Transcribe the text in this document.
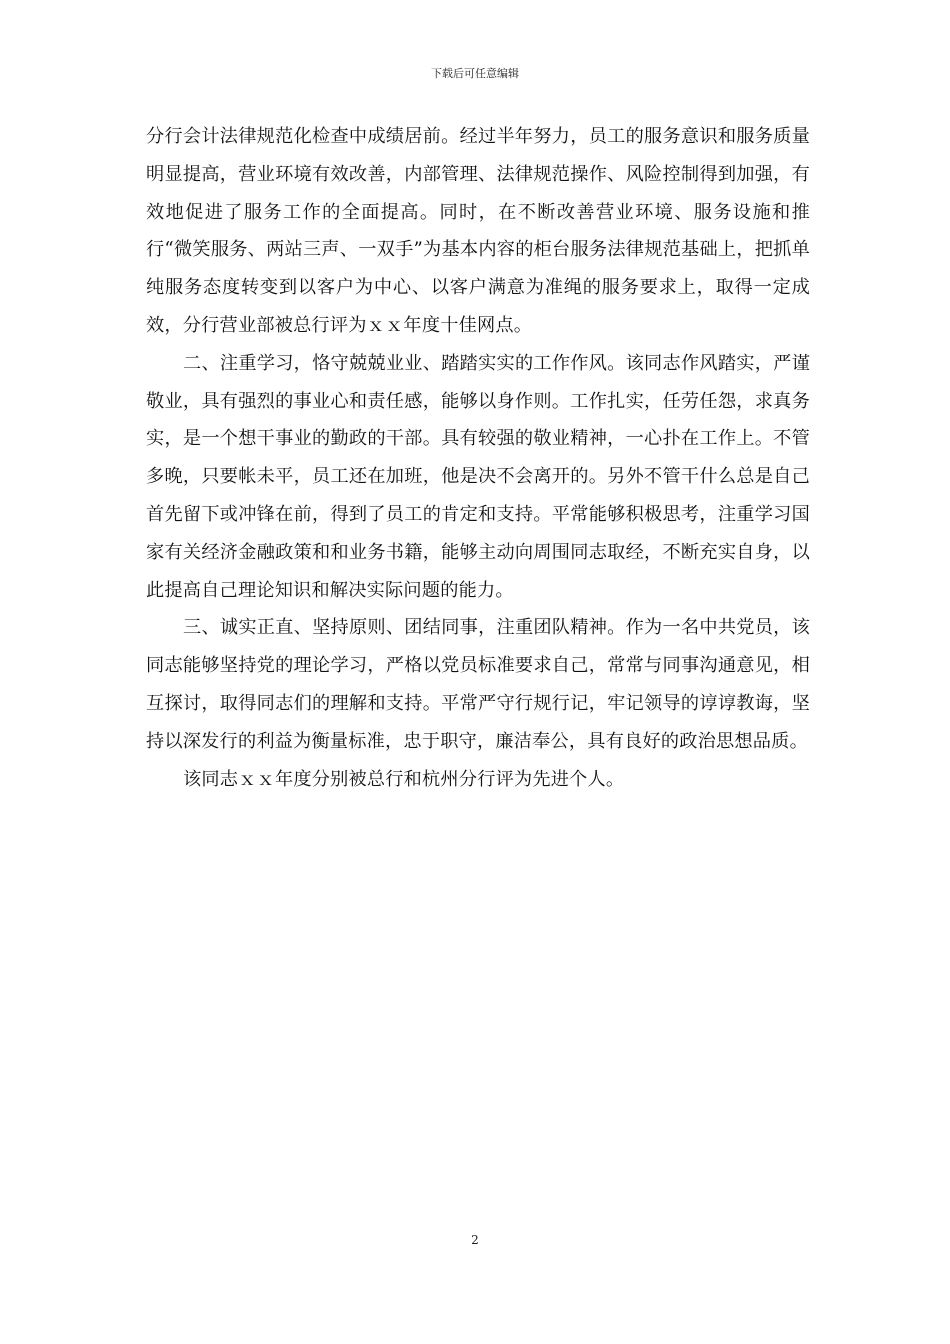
下载后可任意编辑

分行会计法律规范化检查中成绩居前。经过半年努力，员工的服务意识和服务质量明显提高，营业环境有效改善，内部管理、法律规范操作、风险控制得到加强，有效地促进了服务工作的全面提高。同时，在不断改善营业环境、服务设施和推行“微笑服务、两站三声、一双手”为基本内容的柜台服务法律规范基础上，把抓单纯服务态度转变到以客户为中心、以客户满意为准绳的服务要求上，取得一定成效，分行营业部被总行评为ｘｘ年度十佳网点。

二、注重学习，恪守兢兢业业、踏踏实实的工作作风。该同志作风踏实，严谨敬业，具有强烈的事业心和责任感，能够以身作则。工作扎实，任劳任怨，求真务实，是一个想干事业的勤政的干部。具有较强的敬业精神，一心扑在工作上。不管多晚，只要帐未平，员工还在加班，他是决不会离开的。另外不管干什么总是自己首先留下或冲锋在前，得到了员工的肯定和支持。平常能够积极思考，注重学习国家有关经济金融政策和和业务书籍，能够主动向周围同志取经，不断充实自身，以此提高自己理论知识和解决实际问题的能力。

三、诚实正直、坚持原则、团结同事，注重团队精神。作为一名中共党员，该同志能够坚持党的理论学习，严格以党员标准要求自己，常常与同事沟通意见，相互探讨，取得同志们的理解和支持。平常严守行规行记，牢记领导的谆谆教诲，坚持以深发行的利益为衡量标准，忠于职守，廉洁奉公，具有良好的政治思想品质。

该同志ｘｘ年度分别被总行和杭州分行评为先进个人。

2
